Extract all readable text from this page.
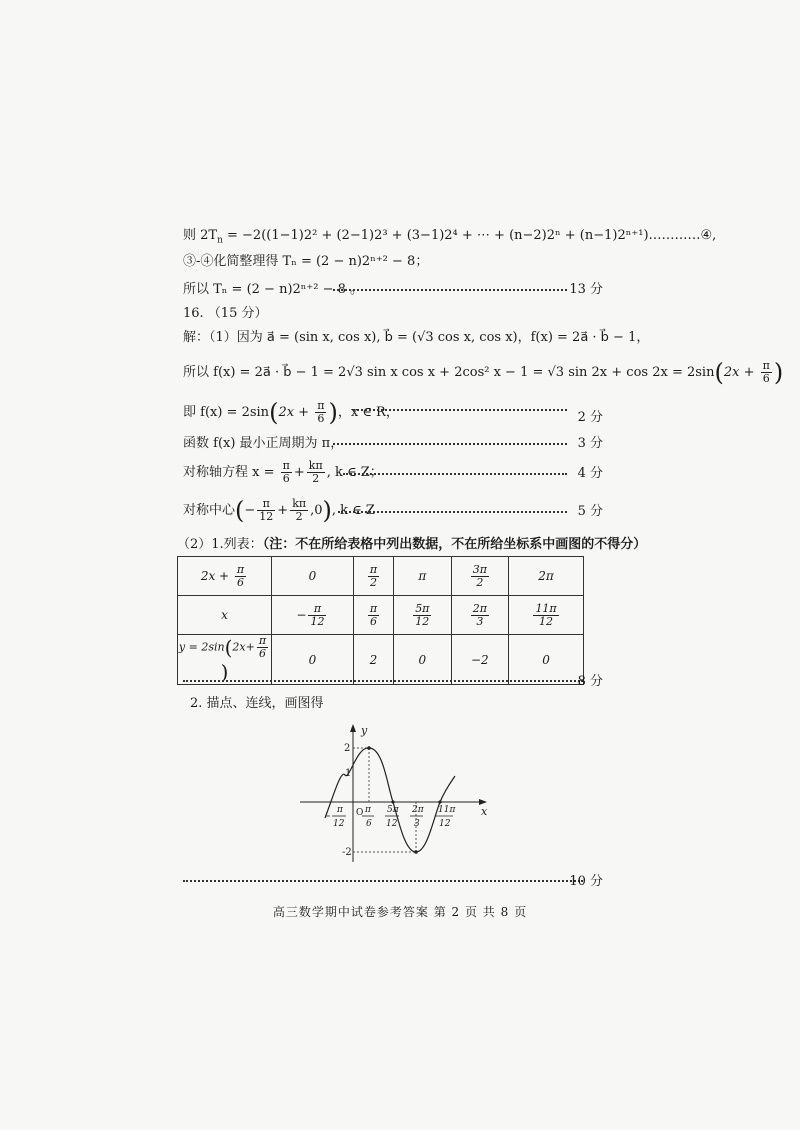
则 $2T_n = -2((1-1)2^2 + (2-1)2^3 + (3-1)2^4$ + ⋯ + (n−2)2ⁿ + (n−1)2ⁿ⁺¹)…………④,
③-④化简整理得 Tₙ = (2 − n)2ⁿ⁺² − 8；
所以 Tₙ = (2 − n)2ⁿ⁺² − 8 。	13 分
16. （15 分）
解：（1）因为 a⃗ = (sin x, cos x), b⃗ = (√3 cos x, cos x)，f(x) = 2a⃗ · b⃗ − 1，
所以 f(x) = 2a⃗ · b⃗ − 1 = 2√3 sin x cos x + 2cos² x − 1 = √3 $\sin 2x + \cos 2x = 2\sin(2x + \frac{\pi}{6}$ )
即 $f(x) = 2\sin(2x + \frac{\pi}{6}$ )，x ∈ R，	2 分
函数 f(x) 最小正周期为 π，	3 分
对称轴方程 $x = \frac{\pi}{6} + \frac{k\pi}{2}$ , k ∈ Z；	4 分
对称中心(− $\frac{\pi}{12} + \frac{k\pi}{2} ,0$), k ∈ Z	5 分
（2）1.列表：（注：不在所给表格中列出数据，不在所给坐标系中画图的不得分）
$2x + \frac{\pi}{6}$	0	$\frac{\pi}{2}$	π	$\frac{3\pi}{2}$	2π
x	− $\frac{\pi}{12}$	$\frac{\pi}{6}$	$\frac{5\pi}{12}$	$\frac{2\pi}{3}$	$\frac{11\pi}{12}$

$y = 2\sin(2x+ \frac{\pi}{6}$
)	0	2	0	−2	0
8 分
2. 描点、连线，画图得
y
x
O
2
1
-2
π
12
π
6
5π
12
2π
3
11π
12
10 分
高三数学期中试卷参考答案 第 2 页 共 8 页
